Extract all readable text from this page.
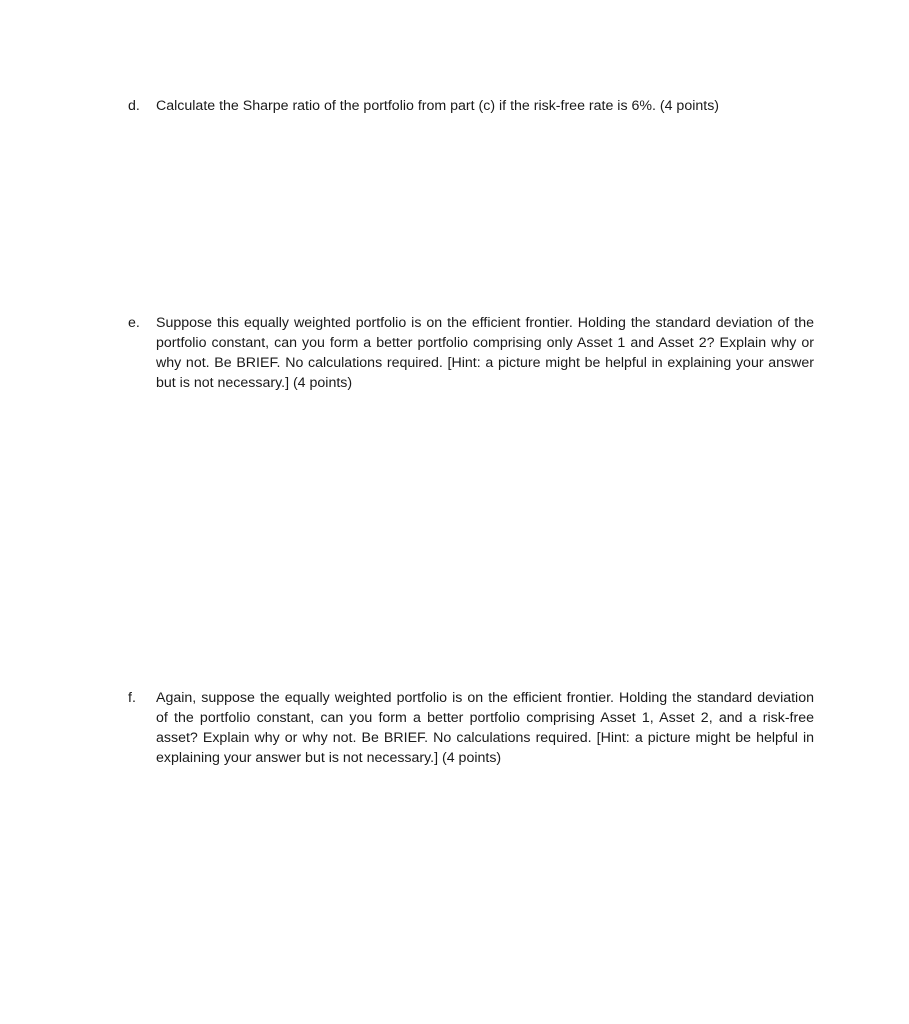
d. Calculate the Sharpe ratio of the portfolio from part (c) if the risk-free rate is 6%. (4 points)
e. Suppose this equally weighted portfolio is on the efficient frontier. Holding the standard deviation of the portfolio constant, can you form a better portfolio comprising only Asset 1 and Asset 2? Explain why or why not. Be BRIEF. No calculations required. [Hint: a picture might be helpful in explaining your answer but is not necessary.] (4 points)
f. Again, suppose the equally weighted portfolio is on the efficient frontier. Holding the standard deviation of the portfolio constant, can you form a better portfolio comprising Asset 1, Asset 2, and a risk-free asset? Explain why or why not. Be BRIEF. No calculations required. [Hint: a picture might be helpful in explaining your answer but is not necessary.] (4 points)
